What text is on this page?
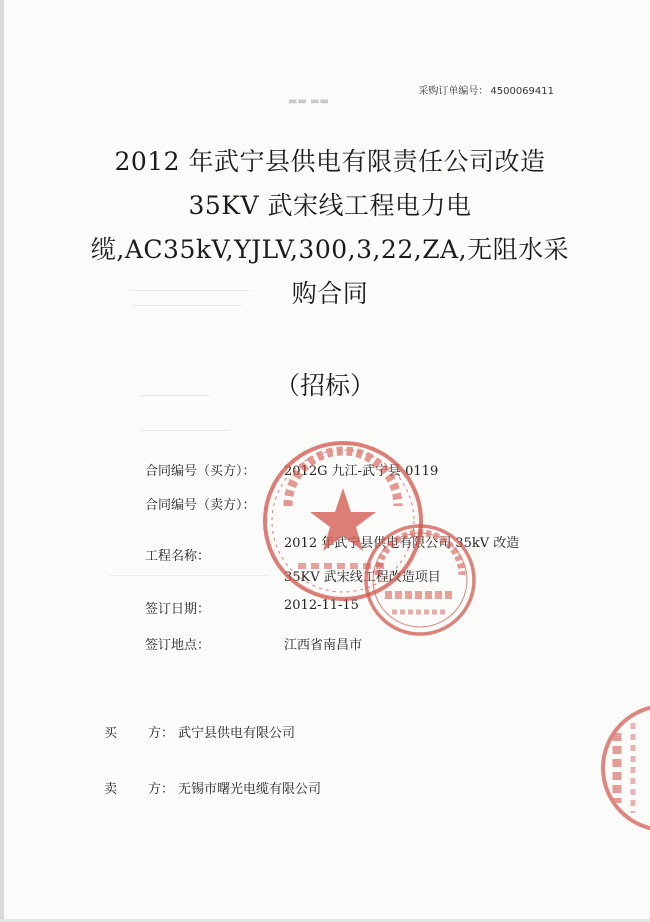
▬▬ ▬▬
采购订单编号： 4500069411
2012 年武宁县供电有限责任公司改造 35KV 武宋线工程电力电缆,AC35kV,YJLV,300,3,22,ZA,无阻水采购合同
（招标）
合同编号（买方）： 2012G 九江-武宁县 0119
合同编号（卖方）：
工程名称：
2012 年武宁县供电有限公司 35kV 改造
35KV 武宋线工程改造项目
签订日期：	2012-11-15
签订地点：	江西省南昌市
买 方： 武宁县供电有限公司
卖 方： 无锡市曙光电缆有限公司
